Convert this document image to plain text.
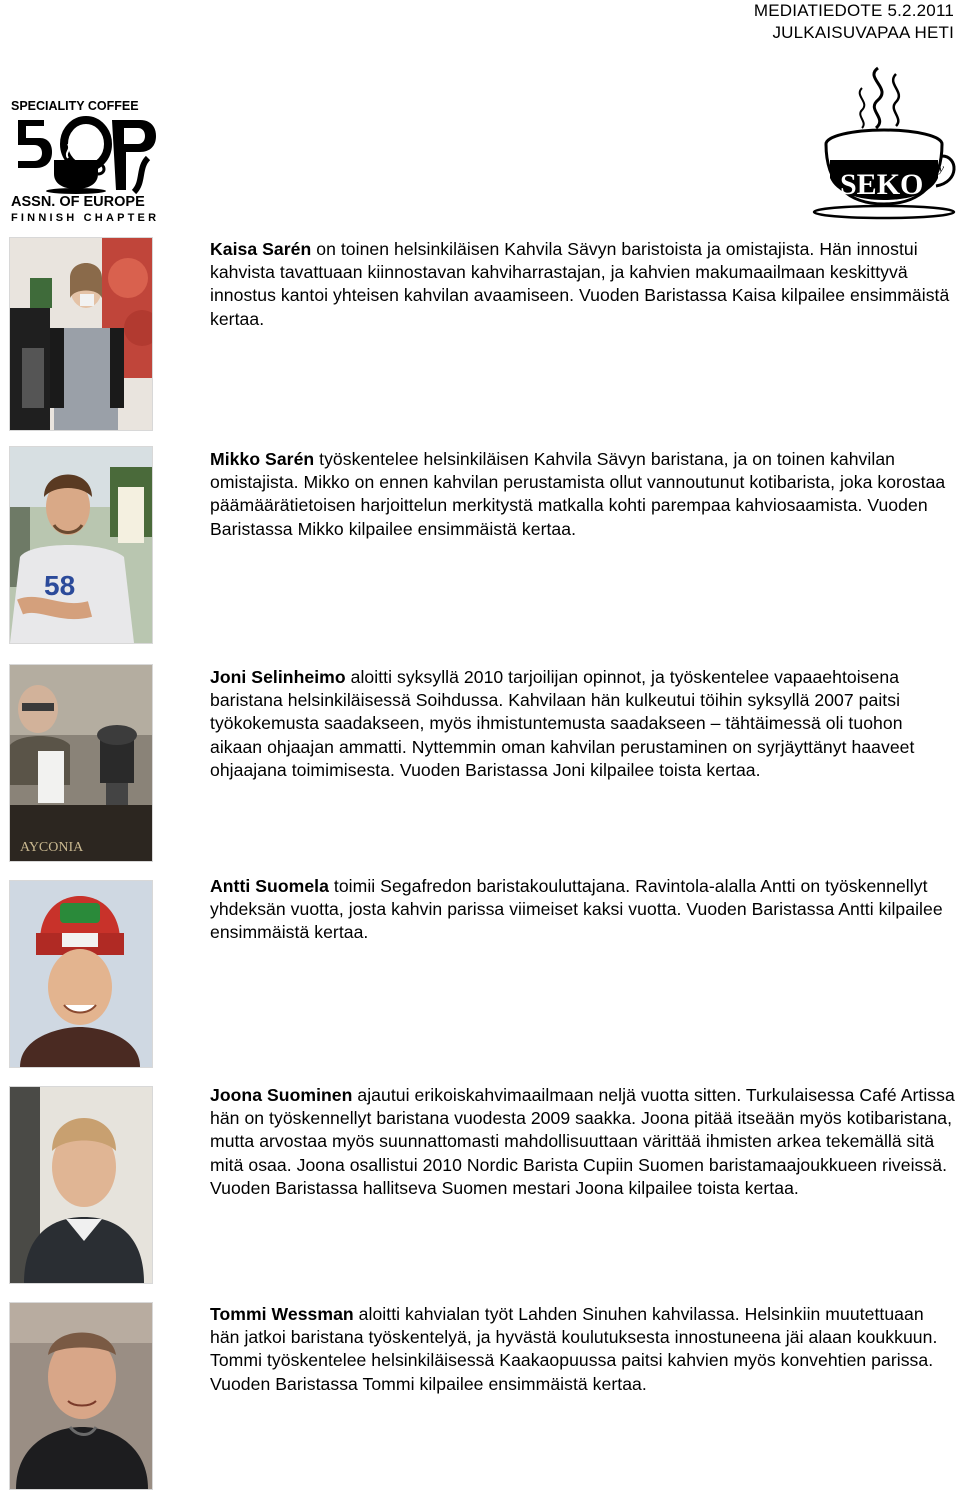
MEDIATIEDOTE 5.2.2011
JULKAISUVAPAA HETI
SPECIALITY COFFEE
ASSN. OF EUROPE
FINNISH CHAPTER
SEKO ry
Kaisa Sarén on toinen helsinkiläisen Kahvila Sävyn baristoista ja omistajista. Hän innostui kahvista tavattuaan kiinnostavan kahviharrastajan, ja kahvien makumaailmaan keskittyvä innostus kantoi yhteisen kahvilan avaamiseen. Vuoden Baristassa Kaisa kilpailee ensimmäistä kertaa.
58
Mikko Sarén työskentelee helsinkiläisen Kahvila Sävyn baristana, ja on toinen kahvilan omistajista. Mikko on ennen kahvilan perustamista ollut vannoutunut kotibarista, joka korostaa päämäärätietoisen harjoittelun merkitystä matkalla kohti parempaa kahviosaamista. Vuoden Baristassa Mikko kilpailee ensimmäistä kertaa.
AYCONIA
Joni Selinheimo aloitti syksyllä 2010 tarjoilijan opinnot, ja työskentelee vapaaehtoisena baristana helsinkiläisessä Soihdussa. Kahvilaan hän kulkeutui töihin syksyllä 2007 paitsi työkokemusta saadakseen, myös ihmistuntemusta saadakseen – tähtäimessä oli tuohon aikaan ohjaajan ammatti. Nyttemmin oman kahvilan perustaminen on syrjäyttänyt haaveet ohjaajana toimimisesta. Vuoden Baristassa Joni kilpailee toista kertaa.
Antti Suomela toimii Segafredon baristakouluttajana. Ravintola-alalla Antti on työskennellyt yhdeksän vuotta, josta kahvin parissa viimeiset kaksi vuotta. Vuoden Baristassa Antti kilpailee ensimmäistä kertaa.
Joona Suominen ajautui erikoiskahvimaailmaan neljä vuotta sitten. Turkulaisessa Café Artissa hän on työskennellyt baristana vuodesta 2009 saakka. Joona pitää itseään myös kotibaristana, mutta arvostaa myös suunnattomasti mahdollisuuttaan värittää ihmisten arkea tekemällä sitä mitä osaa. Joona osallistui 2010 Nordic Barista Cupiin Suomen baristamaajoukkueen riveissä. Vuoden Baristassa hallitseva Suomen mestari Joona kilpailee toista kertaa.
Tommi Wessman aloitti kahvialan työt Lahden Sinuhen kahvilassa. Helsinkiin muutettuaan hän jatkoi baristana työskentelyä, ja hyvästä koulutuksesta innostuneena jäi alaan koukkuun. Tommi työskentelee helsinkiläisessä Kaakaopuussa paitsi kahvien myös konvehtien parissa. Vuoden Baristassa Tommi kilpailee ensimmäistä kertaa.
